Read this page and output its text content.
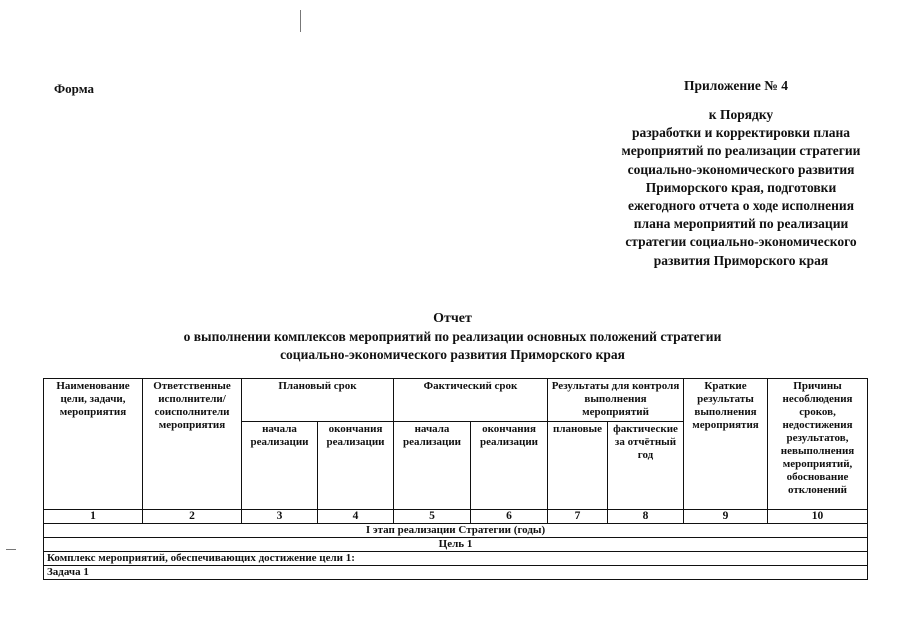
Форма	Приложение № 4
к Порядку
разработки и корректировки плана
мероприятий по реализации стратегии
социально-экономического развития
Приморского края, подготовки
ежегодного отчета о ходе исполнения
плана мероприятий по реализации
стратегии социально-экономического
развития Приморского края
Отчет
о выполнении комплексов мероприятий по реализации основных положений стратегии
социально-экономического развития Приморского края
Наименование цели, задачи, мероприятия	Ответственные исполнители/ соисполнители мероприятия	Плановый срок		Фактический срок		Результаты для контроля выполнения мероприятий		Краткие результаты выполнения мероприятия	Причины несоблюдения сроков, недостижения результатов, невыполнения мероприятий, обоснование отклонений
		начала реализации	окончания реализации	начала реализации	окончания реализации	плановые	фактические за отчётный год		
1	2	3	4	5	6	7	8	9	10
I этап реализации Стратегии (годы)									
Цель 1									
Комплекс мероприятий, обеспечивающих достижение цели 1:									
Задача 1									
